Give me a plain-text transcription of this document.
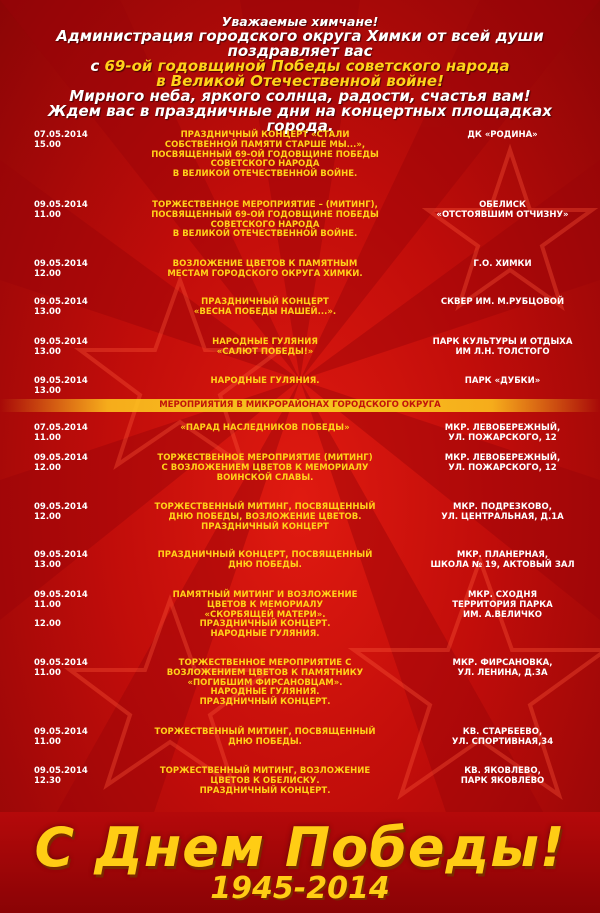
Уважаемые химчане!
Администрация городского округа Химки от всей души поздравляет вас
с 69-ой годовщиной Победы советского народа
в Великой Отечественной войне!
Мирного неба, яркого солнца, радости, счастья вам!
Ждем вас в праздничные дни на концертных площадках города.
07.05.2014
15.00
ПРАЗДНИЧНЫЙ КОНЦЕРТ «СТАЛИ
СОБСТВЕННОЙ ПАМЯТИ СТАРШЕ МЫ...»,
ПОСВЯЩЕННЫЙ 69-ОЙ ГОДОВЩИНЕ ПОБЕДЫ
СОВЕТСКОГО НАРОДА
В ВЕЛИКОЙ ОТЕЧЕСТВЕННОЙ ВОЙНЕ.
ДК «РОДИНА»
09.05.2014
11.00
ТОРЖЕСТВЕННОЕ МЕРОПРИЯТИЕ – (МИТИНГ),
ПОСВЯЩЕННЫЙ 69-ОЙ ГОДОВЩИНЕ ПОБЕДЫ
СОВЕТСКОГО НАРОДА
В ВЕЛИКОЙ ОТЕЧЕСТВЕННОЙ ВОЙНЕ.
ОБЕЛИСК
«ОТСТОЯВШИМ ОТЧИЗНУ»
09.05.2014
12.00
ВОЗЛОЖЕНИЕ ЦВЕТОВ К ПАМЯТНЫМ
МЕСТАМ ГОРОДСКОГО ОКРУГА ХИМКИ.
Г.О. ХИМКИ
09.05.2014
13.00
ПРАЗДНИЧНЫЙ КОНЦЕРТ
«ВЕСНА ПОБЕДЫ НАШЕЙ...».
СКВЕР ИМ. М.РУБЦОВОЙ
09.05.2014
13.00
НАРОДНЫЕ ГУЛЯНИЯ
«САЛЮТ ПОБЕДЫ!»
ПАРК КУЛЬТУРЫ И ОТДЫХА
ИМ Л.Н. ТОЛСТОГО
09.05.2014
13.00
НАРОДНЫЕ ГУЛЯНИЯ.	ПАРК «ДУБКИ»
МЕРОПРИЯТИЯ В МИКРОРАЙОНАХ ГОРОДСКОГО ОКРУГА
07.05.2014
11.00
«ПАРАД НАСЛЕДНИКОВ ПОБЕДЫ»	МКР. ЛЕВОБЕРЕЖНЫЙ,
УЛ. ПОЖАРСКОГО, 12
09.05.2014
12.00
ТОРЖЕСТВЕННОЕ МЕРОПРИЯТИЕ (МИТИНГ)
С ВОЗЛОЖЕНИЕМ ЦВЕТОВ К МЕМОРИАЛУ
ВОИНСКОЙ СЛАВЫ.
МКР. ЛЕВОБЕРЕЖНЫЙ,
УЛ. ПОЖАРСКОГО, 12
09.05.2014
12.00
ТОРЖЕСТВЕННЫЙ МИТИНГ, ПОСВЯЩЕННЫЙ
ДНЮ ПОБЕДЫ, ВОЗЛОЖЕНИЕ ЦВЕТОВ.
ПРАЗДНИЧНЫЙ КОНЦЕРТ
МКР. ПОДРЕЗКОВО,
УЛ. ЦЕНТРАЛЬНАЯ, Д.1А
09.05.2014
13.00
ПРАЗДНИЧНЫЙ КОНЦЕРТ, ПОСВЯЩЕННЫЙ
ДНЮ ПОБЕДЫ.
МКР. ПЛАНЕРНАЯ,
ШКОЛА № 19, АКТОВЫЙ ЗАЛ
09.05.2014
11.00

12.00
ПАМЯТНЫЙ МИТИНГ И ВОЗЛОЖЕНИЕ
ЦВЕТОВ К МЕМОРИАЛУ
«СКОРБЯЩЕЙ МАТЕРИ».
ПРАЗДНИЧНЫЙ КОНЦЕРТ.
НАРОДНЫЕ ГУЛЯНИЯ.
МКР. СХОДНЯ
ТЕРРИТОРИЯ ПАРКА
ИМ. А.ВЕЛИЧКО
09.05.2014
11.00
ТОРЖЕСТВЕННОЕ МЕРОПРИЯТИЕ С
ВОЗЛОЖЕНИЕМ ЦВЕТОВ К ПАМЯТНИКУ
«ПОГИБШИМ ФИРСАНОВЦАМ».
НАРОДНЫЕ ГУЛЯНИЯ.
ПРАЗДНИЧНЫЙ КОНЦЕРТ.
МКР. ФИРСАНОВКА,
УЛ. ЛЕНИНА, Д.3А
09.05.2014
11.00
ТОРЖЕСТВЕННЫЙ МИТИНГ, ПОСВЯЩЕННЫЙ
ДНЮ ПОБЕДЫ.
КВ. СТАРБЕЕВО,
УЛ. СПОРТИВНАЯ,34
09.05.2014
12.30
ТОРЖЕСТВЕННЫЙ МИТИНГ, ВОЗЛОЖЕНИЕ
ЦВЕТОВ К ОБЕЛИСКУ.
ПРАЗДНИЧНЫЙ КОНЦЕРТ.
КВ. ЯКОВЛЕВО,
ПАРК ЯКОВЛЕВО
С Днем Победы!
1945-2014
